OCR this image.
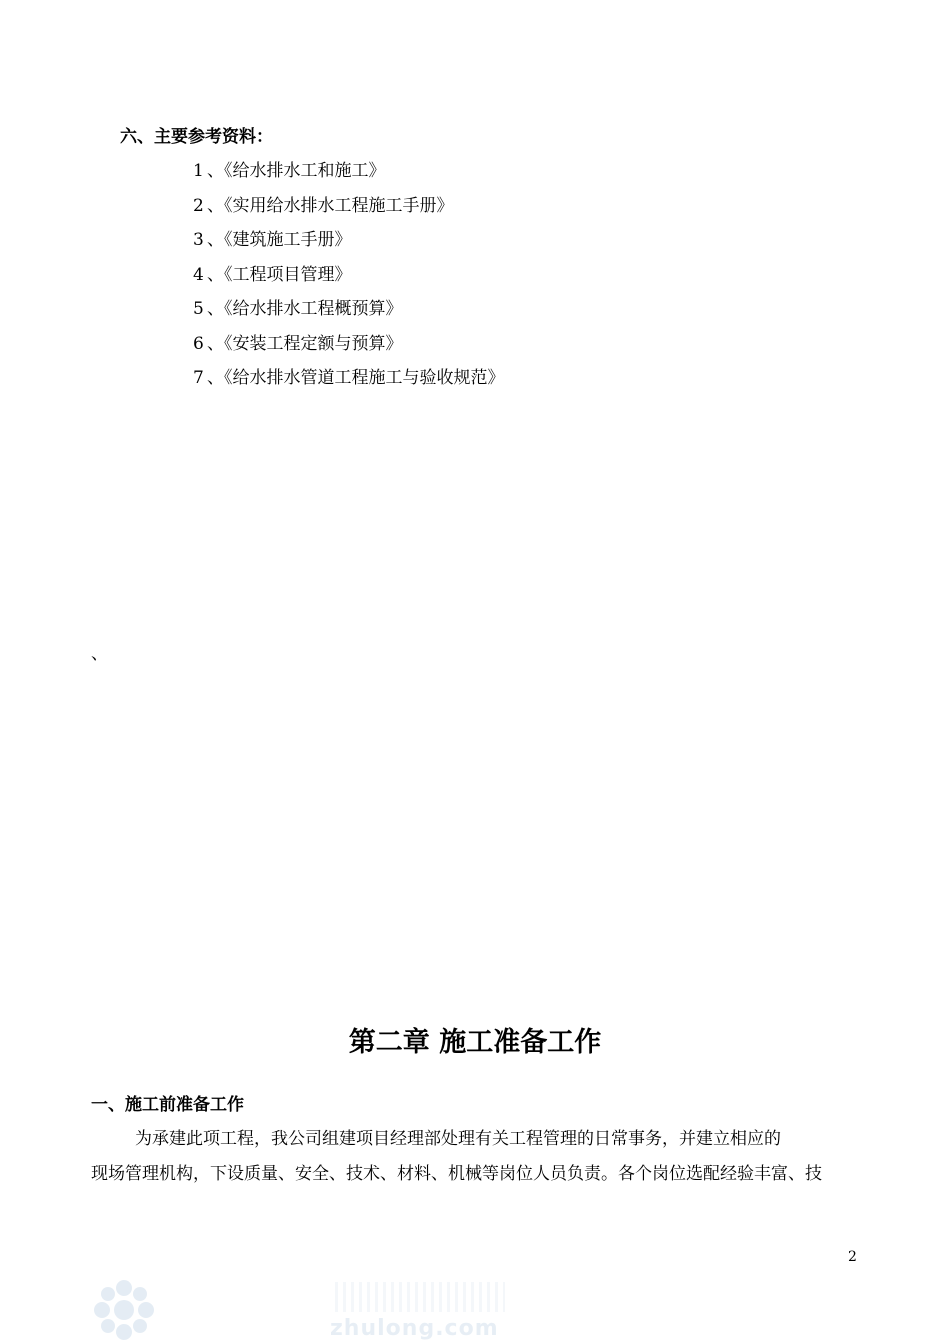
六、主要参考资料：
1 、《给水排水工和施工》
2 、《实用给水排水工程施工手册》
3 、《建筑施工手册》
4 、《工程项目管理》
5 、《给水排水工程概预算》
6 、《安装工程定额与预算》
7 、《给水排水管道工程施工与验收规范》
、
第二章 施工准备工作
一、施工前准备工作
为承建此项工程，我公司组建项目经理部处理有关工程管理的日常事务，并建立相应的
现场管理机构，下设质量、安全、技术、材料、机械等岗位人员负责。各个岗位选配经验丰富、技
2
zhulong.com
